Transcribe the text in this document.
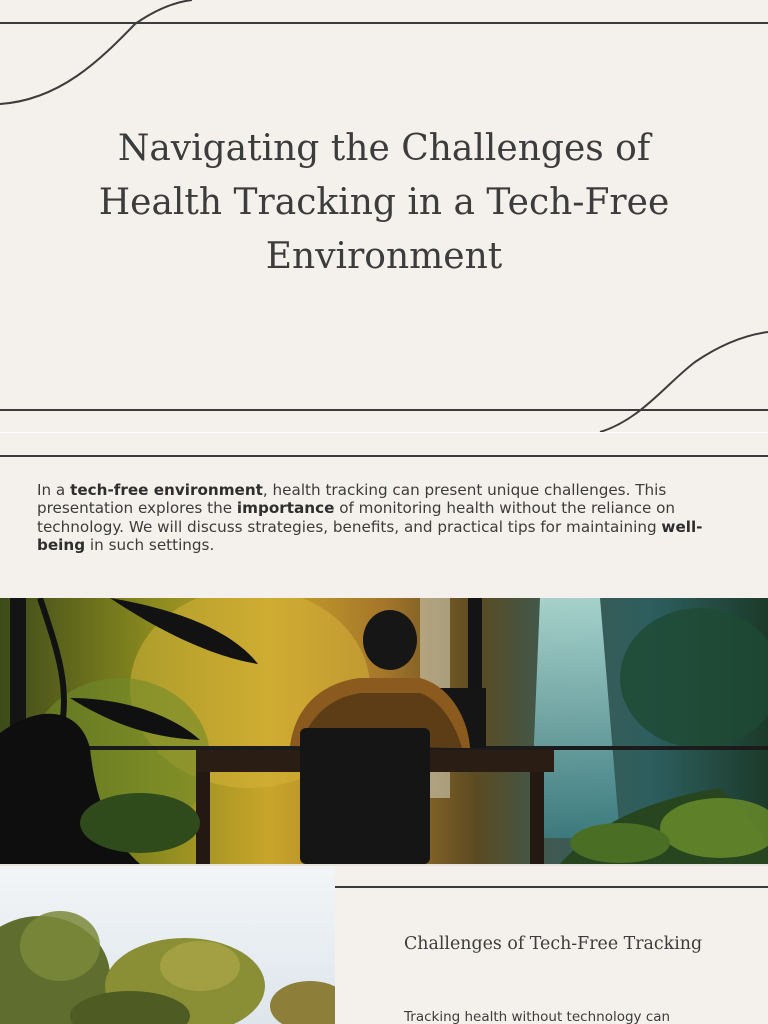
Navigating the Challenges of Health Tracking in a Tech-Free Environment

In a tech-free environment, health tracking can present unique challenges. This presentation explores the importance of monitoring health without the reliance on technology. We will discuss strategies, benefits, and practical tips for maintaining well-being in such settings.

Challenges of Tech-Free Tracking

Tracking health without technology can
